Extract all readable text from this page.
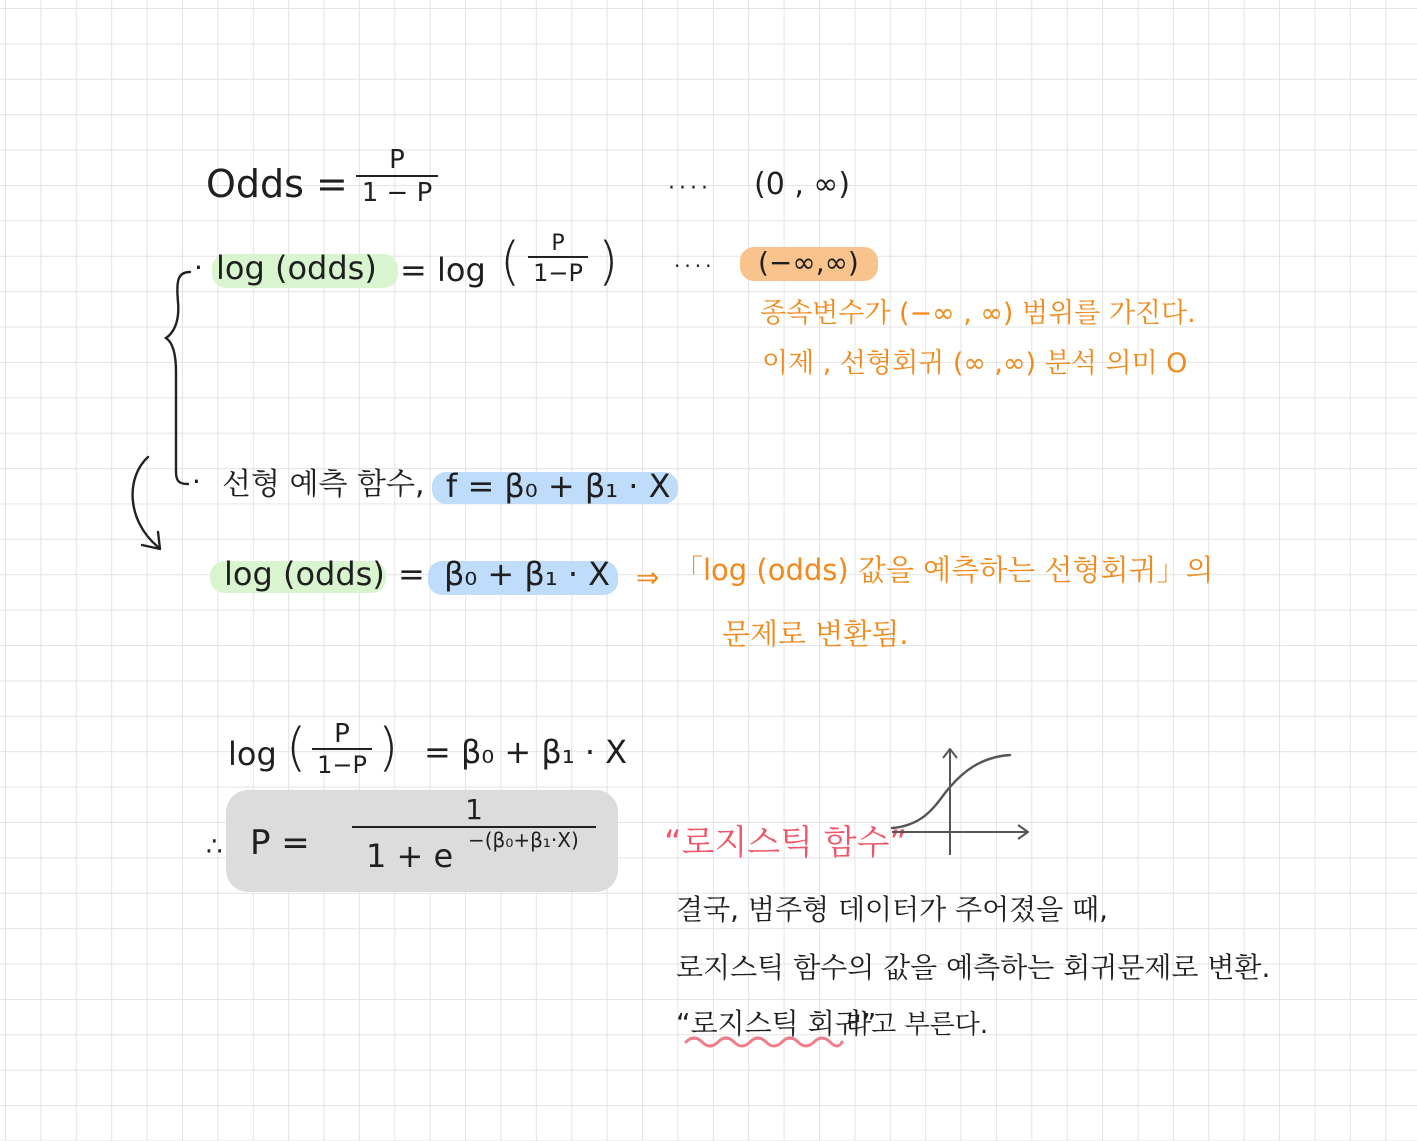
Odds =
P
1 − P	···· (0 , ∞)
· log (odds) = log ( P
1−P )	···· (−∞,∞)
종속변수가 (−∞ , ∞) 범위를 가진다.
이제 , 선형회귀 (∞ ,∞) 분석 의미 O
· 선형 예측 함수, f = β₀ + β₁ · X
log (odds) = β₀ + β₁ · X ⇒ 「log (odds) 값을 예측하는 선형회귀」의
문제로 변환됨.
log ( P
1−P ) = β₀ + β₁ · X
∴ P =
1
1 + e −(β₀+β₁·X)	“로지스틱 함수”
결국, 범주형 데이터가 주어졌을 때,
로지스틱 함수의 값을 예측하는 회귀문제로 변환.
“로지스틱 회귀”
라고 부른다.
